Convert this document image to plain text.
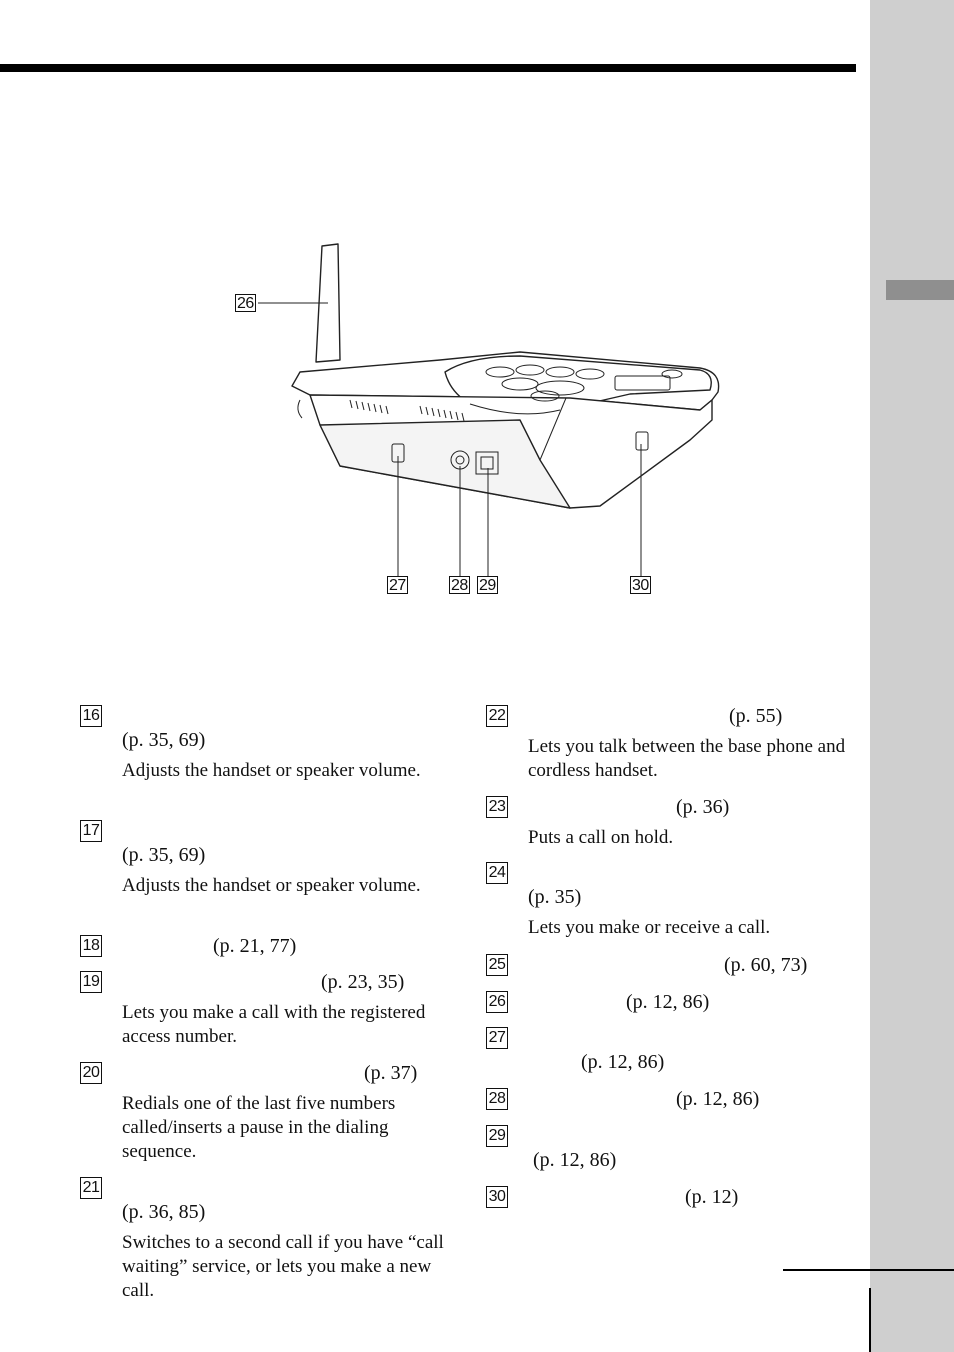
26
27	28 29	30
16
(p. 35, 69)
Adjusts the handset or speaker volume.
17
(p. 35, 69)
Adjusts the handset or speaker volume.
18	(p. 21, 77)
19	(p. 23, 35)
Lets you make a call with the registered access number.
20	(p. 37)
Redials one of the last five numbers called/inserts a pause in the dialing sequence.
21
(p. 36, 85)
Switches to a second call if you have “call waiting” service, or lets you make a new call.
22	(p. 55)
Lets you talk between the base phone and cordless handset.
23	(p. 36)
Puts a call on hold.
24
(p. 35)
Lets you make or receive a call.
25	(p. 60, 73)
26	(p. 12, 86)
27
(p. 12, 86)
28	(p. 12, 86)
29
(p. 12, 86)
30	(p. 12)
